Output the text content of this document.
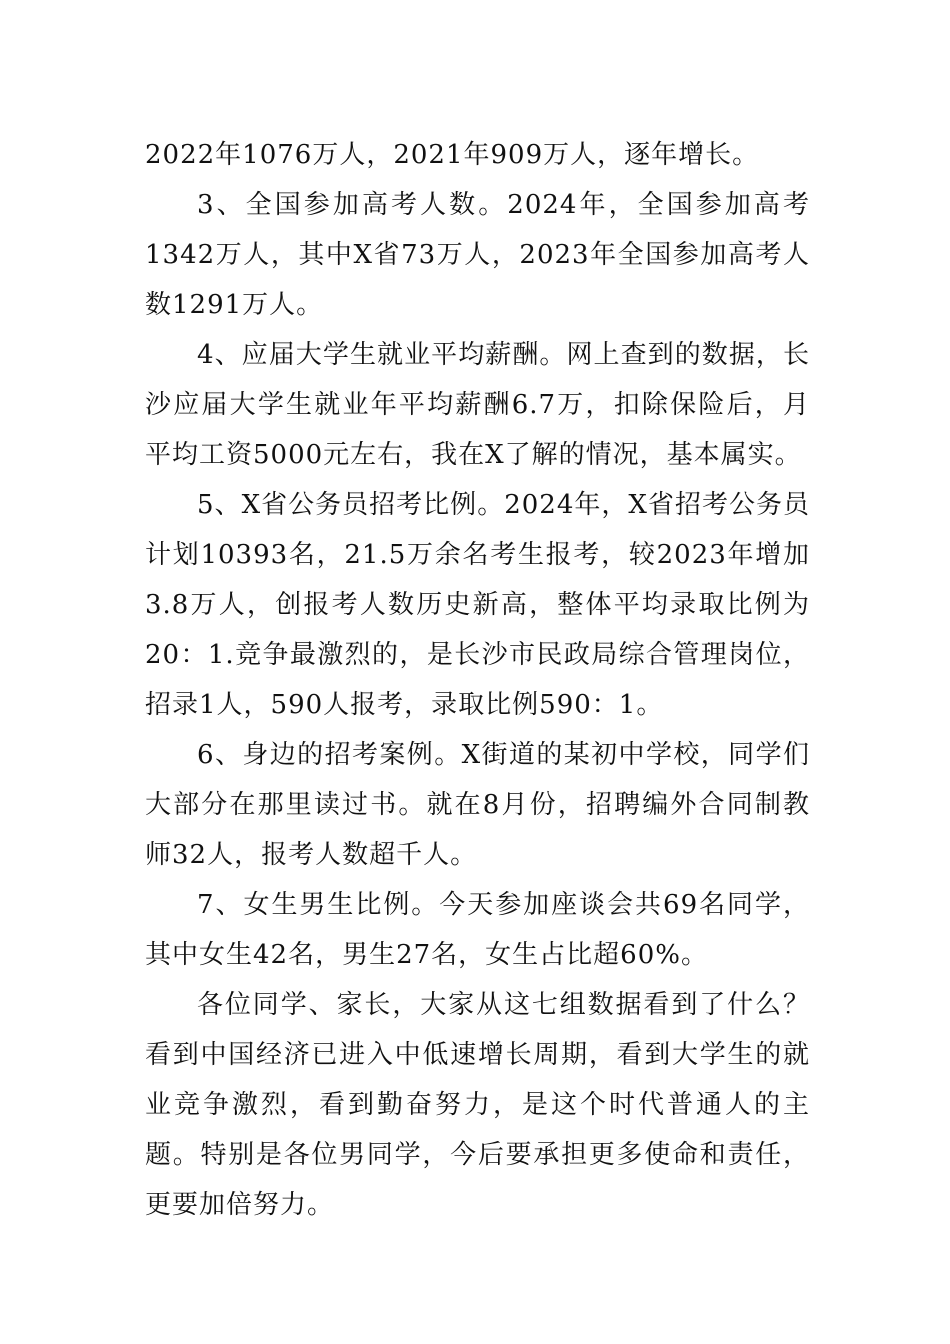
2022年1076万人，2021年909万人，逐年增长。

3、全国参加高考人数。2024年，全国参加高考1342万人，其中X省73万人，2023年全国参加高考人数1291万人。

4、应届大学生就业平均薪酬。网上查到的数据，长沙应届大学生就业年平均薪酬6.7万，扣除保险后，月平均工资5000元左右，我在X了解的情况，基本属实。

5、X省公务员招考比例。2024年，X省招考公务员计划10393名，21.5万余名考生报考，较2023年增加3.8万人，创报考人数历史新高，整体平均录取比例为20：1.竞争最激烈的，是长沙市民政局综合管理岗位，招录1人，590人报考，录取比例590：1。

6、身边的招考案例。X街道的某初中学校，同学们大部分在那里读过书。就在8月份，招聘编外合同制教师32人，报考人数超千人。

7、女生男生比例。今天参加座谈会共69名同学，其中女生42名，男生27名，女生占比超60%。

各位同学、家长，大家从这七组数据看到了什么？看到中国经济已进入中低速增长周期，看到大学生的就业竞争激烈，看到勤奋努力，是这个时代普通人的主题。特别是各位男同学，今后要承担更多使命和责任，更要加倍努力。
